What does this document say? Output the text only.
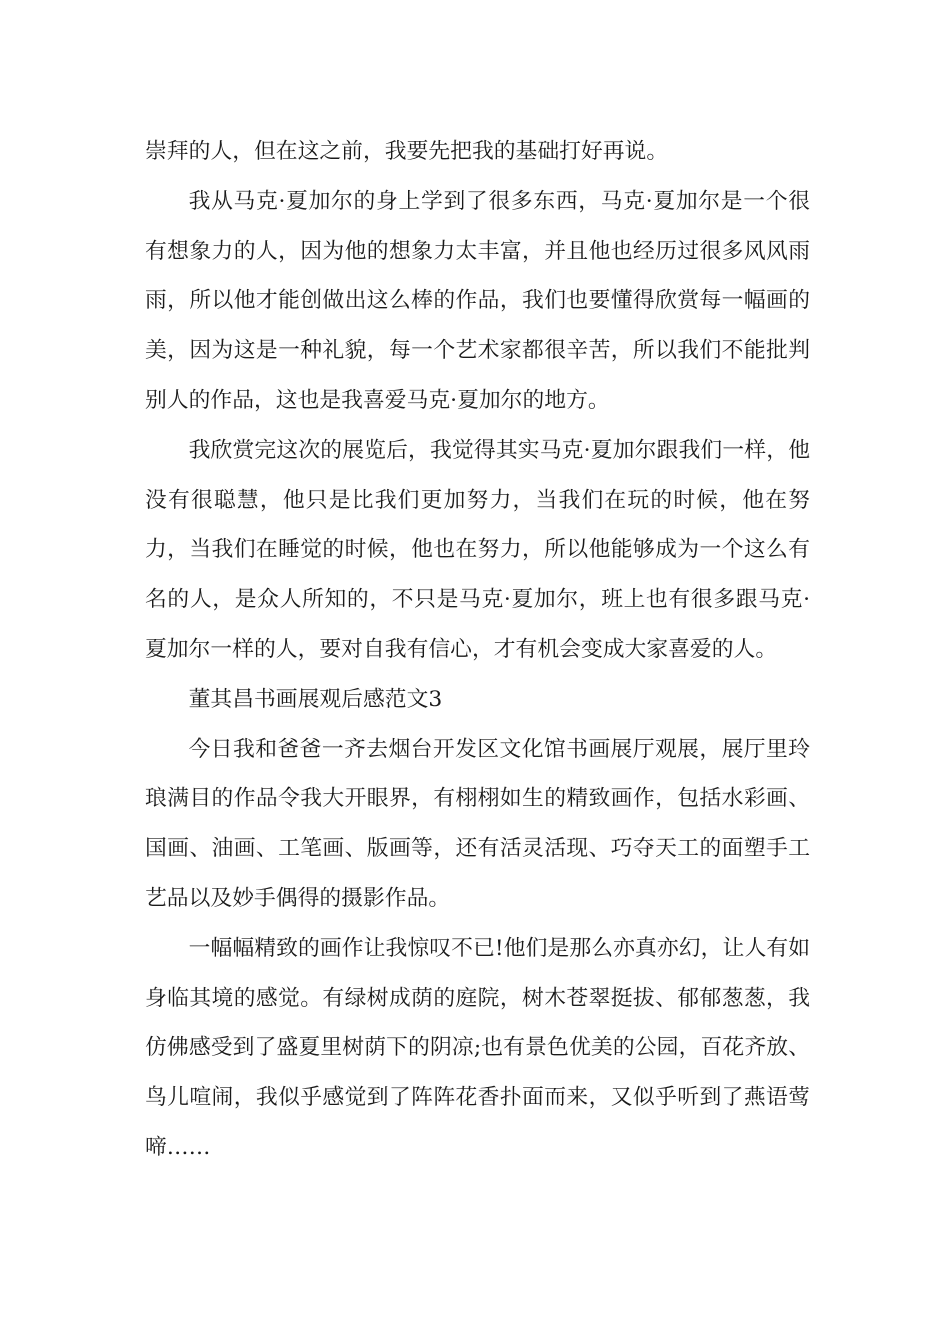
崇拜的人，但在这之前，我要先把我的基础打好再说。

我从马克·夏加尔的身上学到了很多东西，马克·夏加尔是一个很有想象力的人，因为他的想象力太丰富，并且他也经历过很多风风雨雨，所以他才能创做出这么棒的作品，我们也要懂得欣赏每一幅画的美，因为这是一种礼貌，每一个艺术家都很辛苦，所以我们不能批判别人的作品，这也是我喜爱马克·夏加尔的地方。

我欣赏完这次的展览后，我觉得其实马克·夏加尔跟我们一样，他没有很聪慧，他只是比我们更加努力，当我们在玩的时候，他在努力，当我们在睡觉的时候，他也在努力，所以他能够成为一个这么有名的人，是众人所知的，不只是马克·夏加尔，班上也有很多跟马克·夏加尔一样的人，要对自我有信心，才有机会变成大家喜爱的人。

董其昌书画展观后感范文3

今日我和爸爸一齐去烟台开发区文化馆书画展厅观展，展厅里玲琅满目的作品令我大开眼界，有栩栩如生的精致画作，包括水彩画、国画、油画、工笔画、版画等，还有活灵活现、巧夺天工的面塑手工艺品以及妙手偶得的摄影作品。

一幅幅精致的画作让我惊叹不已!他们是那么亦真亦幻，让人有如身临其境的感觉。有绿树成荫的庭院，树木苍翠挺拔、郁郁葱葱，我仿佛感受到了盛夏里树荫下的阴凉;也有景色优美的公园，百花齐放、鸟儿喧闹，我似乎感觉到了阵阵花香扑面而来，又似乎听到了燕语莺啼……
